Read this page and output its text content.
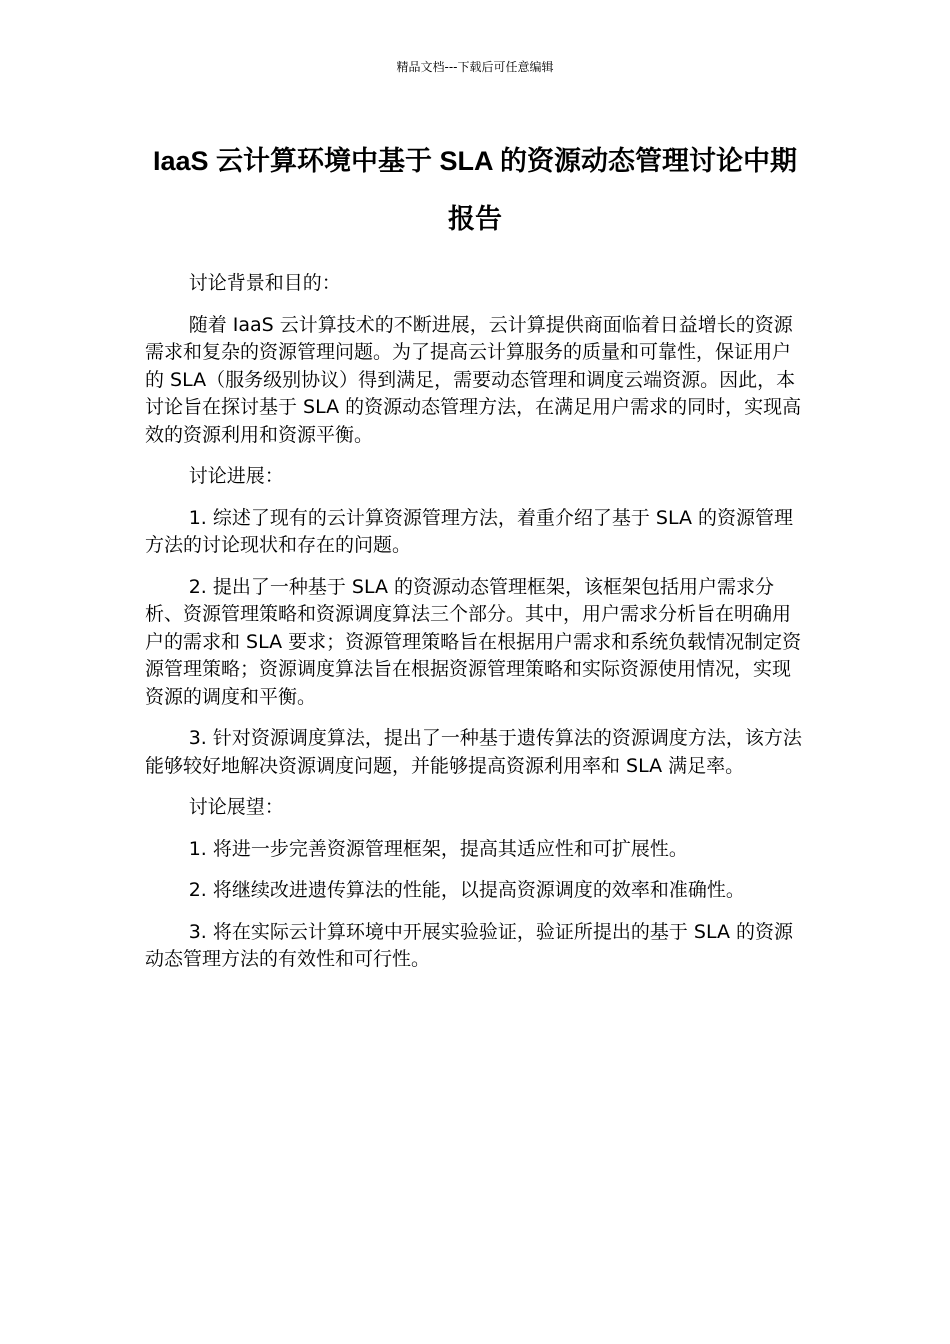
精品文档---下载后可任意编辑
IaaS 云计算环境中基于 SLA 的资源动态管理讨论中期报告

讨论背景和目的：

随着 IaaS 云计算技术的不断进展，云计算提供商面临着日益增长的资源需求和复杂的资源管理问题。为了提高云计算服务的质量和可靠性，保证用户的 SLA（服务级别协议）得到满足，需要动态管理和调度云端资源。因此，本讨论旨在探讨基于 SLA 的资源动态管理方法，在满足用户需求的同时，实现高效的资源利用和资源平衡。

讨论进展：

1. 综述了现有的云计算资源管理方法，着重介绍了基于 SLA 的资源管理方法的讨论现状和存在的问题。

2. 提出了一种基于 SLA 的资源动态管理框架，该框架包括用户需求分析、资源管理策略和资源调度算法三个部分。其中，用户需求分析旨在明确用户的需求和 SLA 要求；资源管理策略旨在根据用户需求和系统负载情况制定资源管理策略；资源调度算法旨在根据资源管理策略和实际资源使用情况，实现资源的调度和平衡。

3. 针对资源调度算法，提出了一种基于遗传算法的资源调度方法，该方法能够较好地解决资源调度问题，并能够提高资源利用率和 SLA 满足率。

讨论展望：

1. 将进一步完善资源管理框架，提高其适应性和可扩展性。

2. 将继续改进遗传算法的性能，以提高资源调度的效率和准确性。

3. 将在实际云计算环境中开展实验验证，验证所提出的基于 SLA 的资源动态管理方法的有效性和可行性。
